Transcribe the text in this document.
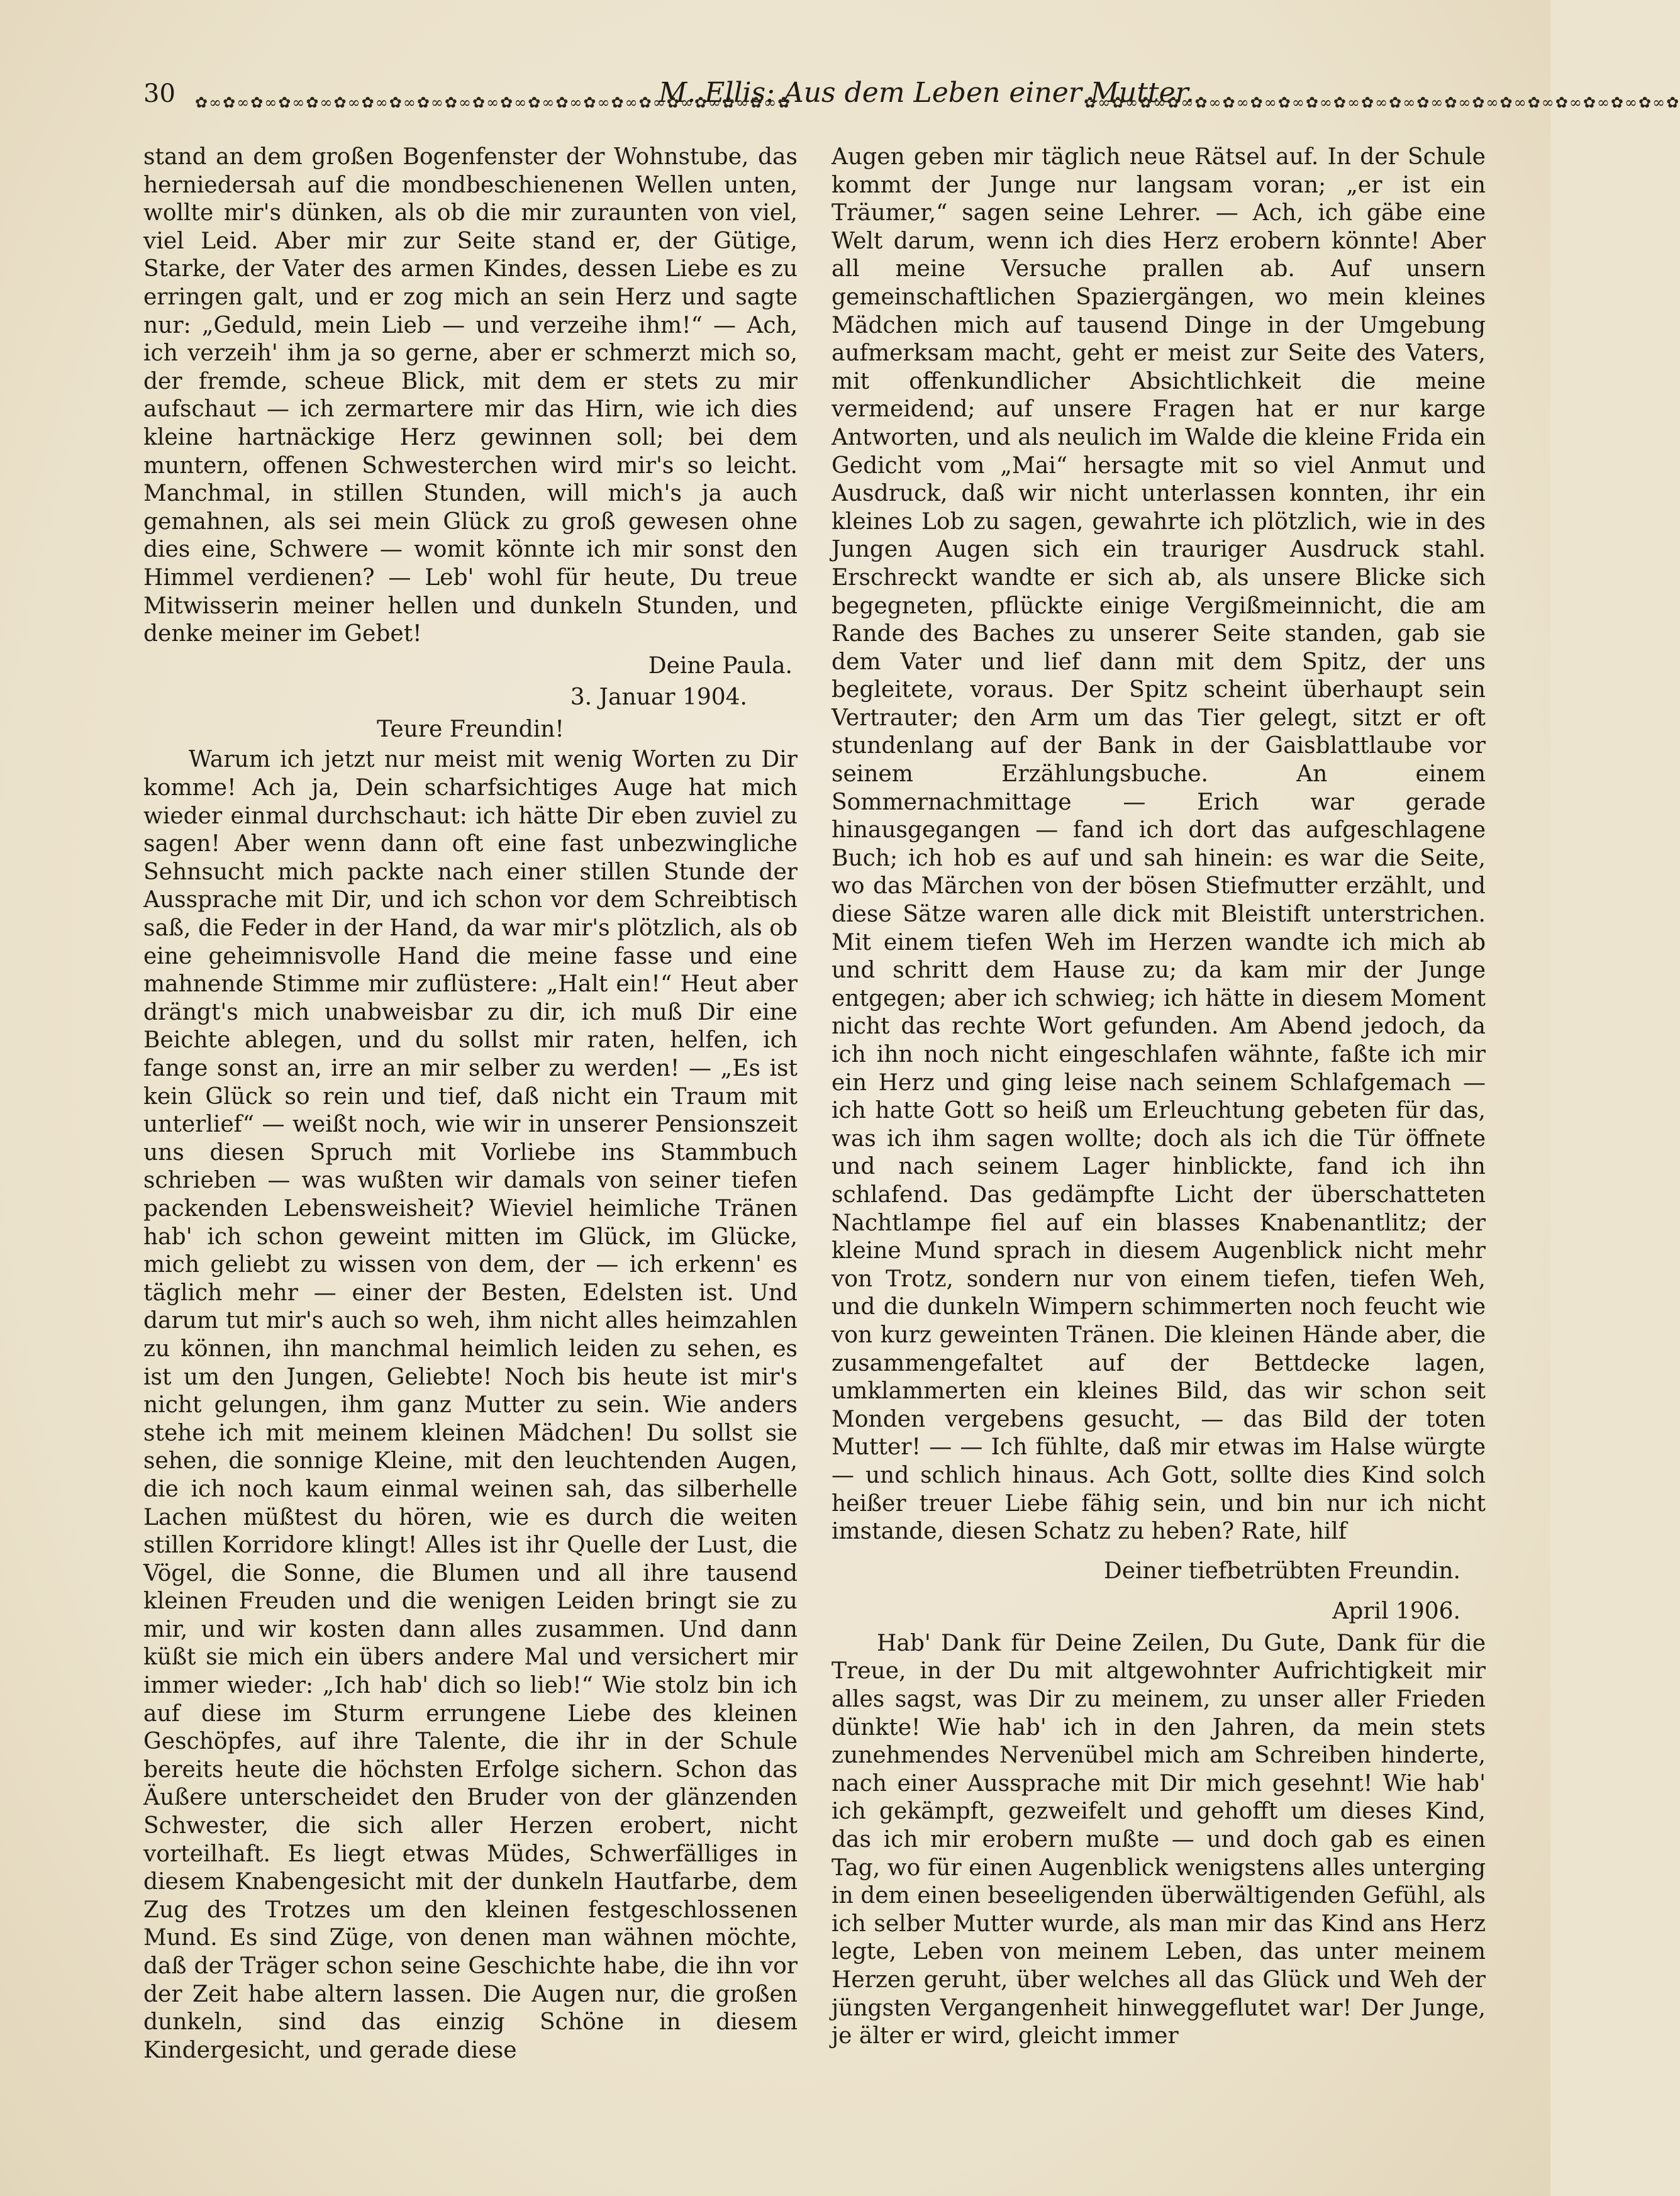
30 ✿∞✿∞✿∞✿∞✿∞✿∞✿∞✿∞✿∞✿∞✿∞✿∞✿∞✿∞✿∞✿∞✿∞✿∞✿∞✿∞✿∞✿
M. Ellis: Aus dem Leben einer Mutter.
✿∞✿∞✿∞✿∞✿∞✿∞✿∞✿∞✿∞✿∞✿∞✿∞✿∞✿∞✿∞✿∞✿∞✿∞✿∞✿∞✿∞✿

stand an dem großen Bogenfenster der Wohnstube, das herniedersah auf die mondbeschienenen Wellen unten, wollte mir's dünken, als ob die mir zuraunten von viel, viel Leid. Aber mir zur Seite stand er, der Gütige, Starke, der Vater des armen Kindes, dessen Liebe es zu erringen galt, und er zog mich an sein Herz und sagte nur: „Geduld, mein Lieb — und verzeihe ihm!“ — Ach, ich verzeih' ihm ja so gerne, aber er schmerzt mich so, der fremde, scheue Blick, mit dem er stets zu mir aufschaut — ich zermartere mir das Hirn, wie ich dies kleine hartnäckige Herz gewinnen soll; bei dem muntern, offenen Schwesterchen wird mir's so leicht. Manchmal, in stillen Stunden, will mich's ja auch gemahnen, als sei mein Glück zu groß gewesen ohne dies eine, Schwere — womit könnte ich mir sonst den Himmel verdienen? — Leb' wohl für heute, Du treue Mitwisserin meiner hellen und dunkeln Stunden, und denke meiner im Gebet!

Deine Paula.

3. Januar 1904.

Teure Freundin!

Warum ich jetzt nur meist mit wenig Worten zu Dir komme! Ach ja, Dein scharfsichtiges Auge hat mich wieder einmal durchschaut: ich hätte Dir eben zuviel zu sagen! Aber wenn dann oft eine fast unbezwingliche Sehnsucht mich packte nach einer stillen Stunde der Aussprache mit Dir, und ich schon vor dem Schreibtisch saß, die Feder in der Hand, da war mir's plötzlich, als ob eine geheimnisvolle Hand die meine fasse und eine mahnende Stimme mir zuflüstere: „Halt ein!“ Heut aber drängt's mich unabweisbar zu dir, ich muß Dir eine Beichte ablegen, und du sollst mir raten, helfen, ich fange sonst an, irre an mir selber zu werden! — „Es ist kein Glück so rein und tief, daß nicht ein Traum mit unterlief“ — weißt noch, wie wir in unserer Pensionszeit uns diesen Spruch mit Vorliebe ins Stammbuch schrieben — was wußten wir damals von seiner tiefen packenden Lebensweisheit? Wieviel heimliche Tränen hab' ich schon geweint mitten im Glück, im Glücke, mich geliebt zu wissen von dem, der — ich erkenn' es täglich mehr — einer der Besten, Edelsten ist. Und darum tut mir's auch so weh, ihm nicht alles heimzahlen zu können, ihn manchmal heimlich leiden zu sehen, es ist um den Jungen, Geliebte! Noch bis heute ist mir's nicht gelungen, ihm ganz Mutter zu sein. Wie anders stehe ich mit meinem kleinen Mädchen! Du sollst sie sehen, die sonnige Kleine, mit den leuchtenden Augen, die ich noch kaum einmal weinen sah, das silberhelle Lachen müßtest du hören, wie es durch die weiten stillen Korridore klingt! Alles ist ihr Quelle der Lust, die Vögel, die Sonne, die Blumen und all ihre tausend kleinen Freuden und die wenigen Leiden bringt sie zu mir, und wir kosten dann alles zusammen. Und dann küßt sie mich ein übers andere Mal und versichert mir immer wieder: „Ich hab' dich so lieb!“ Wie stolz bin ich auf diese im Sturm errungene Liebe des kleinen Geschöpfes, auf ihre Talente, die ihr in der Schule bereits heute die höchsten Erfolge sichern. Schon das Äußere unterscheidet den Bruder von der glänzenden Schwester, die sich aller Herzen erobert, nicht vorteilhaft. Es liegt etwas Müdes, Schwerfälliges in diesem Knabengesicht mit der dunkeln Hautfarbe, dem Zug des Trotzes um den kleinen festgeschlossenen Mund. Es sind Züge, von denen man wähnen möchte, daß der Träger schon seine Geschichte habe, die ihn vor der Zeit habe altern lassen. Die Augen nur, die großen dunkeln, sind das einzig Schöne in diesem Kindergesicht, und gerade diese

Augen geben mir täglich neue Rätsel auf. In der Schule kommt der Junge nur langsam voran; „er ist ein Träumer,“ sagen seine Lehrer. — Ach, ich gäbe eine Welt darum, wenn ich dies Herz erobern könnte! Aber all meine Versuche prallen ab. Auf unsern gemeinschaftlichen Spaziergängen, wo mein kleines Mädchen mich auf tausend Dinge in der Umgebung aufmerksam macht, geht er meist zur Seite des Vaters, mit offenkundlicher Absichtlichkeit die meine vermeidend; auf unsere Fragen hat er nur karge Antworten, und als neulich im Walde die kleine Frida ein Gedicht vom „Mai“ hersagte mit so viel Anmut und Ausdruck, daß wir nicht unterlassen konnten, ihr ein kleines Lob zu sagen, gewahrte ich plötzlich, wie in des Jungen Augen sich ein trauriger Ausdruck stahl. Erschreckt wandte er sich ab, als unsere Blicke sich begegneten, pflückte einige Vergißmeinnicht, die am Rande des Baches zu unserer Seite standen, gab sie dem Vater und lief dann mit dem Spitz, der uns begleitete, voraus. Der Spitz scheint überhaupt sein Vertrauter; den Arm um das Tier gelegt, sitzt er oft stundenlang auf der Bank in der Gaisblattlaube vor seinem Erzählungsbuche. An einem Sommernachmittage — Erich war gerade hinausgegangen — fand ich dort das aufgeschlagene Buch; ich hob es auf und sah hinein: es war die Seite, wo das Märchen von der bösen Stiefmutter erzählt, und diese Sätze waren alle dick mit Bleistift unterstrichen. Mit einem tiefen Weh im Herzen wandte ich mich ab und schritt dem Hause zu; da kam mir der Junge entgegen; aber ich schwieg; ich hätte in diesem Moment nicht das rechte Wort gefunden. Am Abend jedoch, da ich ihn noch nicht eingeschlafen wähnte, faßte ich mir ein Herz und ging leise nach seinem Schlafgemach — ich hatte Gott so heiß um Erleuchtung gebeten für das, was ich ihm sagen wollte; doch als ich die Tür öffnete und nach seinem Lager hinblickte, fand ich ihn schlafend. Das gedämpfte Licht der überschatteten Nachtlampe fiel auf ein blasses Knabenantlitz; der kleine Mund sprach in diesem Augenblick nicht mehr von Trotz, sondern nur von einem tiefen, tiefen Weh, und die dunkeln Wimpern schimmerten noch feucht wie von kurz geweinten Tränen. Die kleinen Hände aber, die zusammengefaltet auf der Bettdecke lagen, umklammerten ein kleines Bild, das wir schon seit Monden vergebens gesucht, — das Bild der toten Mutter! — — Ich fühlte, daß mir etwas im Halse würgte — und schlich hinaus. Ach Gott, sollte dies Kind solch heißer treuer Liebe fähig sein, und bin nur ich nicht imstande, diesen Schatz zu heben? Rate, hilf

Deiner tiefbetrübten Freundin.

April 1906.

Hab' Dank für Deine Zeilen, Du Gute, Dank für die Treue, in der Du mit altgewohnter Aufrichtigkeit mir alles sagst, was Dir zu meinem, zu unser aller Frieden dünkte! Wie hab' ich in den Jahren, da mein stets zunehmendes Nervenübel mich am Schreiben hinderte, nach einer Aussprache mit Dir mich gesehnt! Wie hab' ich gekämpft, gezweifelt und gehofft um dieses Kind, das ich mir erobern mußte — und doch gab es einen Tag, wo für einen Augenblick wenigstens alles unterging in dem einen beseeligenden überwältigenden Gefühl, als ich selber Mutter wurde, als man mir das Kind ans Herz legte, Leben von meinem Leben, das unter meinem Herzen geruht, über welches all das Glück und Weh der jüngsten Vergangenheit hinweggeflutet war! Der Junge, je älter er wird, gleicht immer
